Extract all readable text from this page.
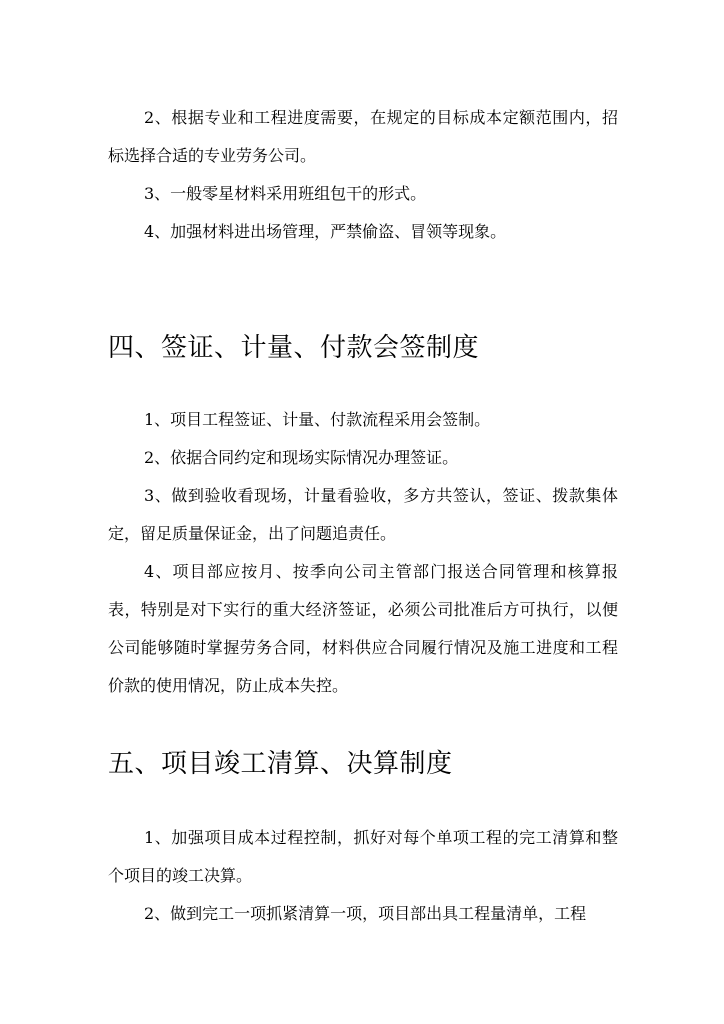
2、根据专业和工程进度需要，在规定的目标成本定额范围内，招标选择合适的专业劳务公司。

3、一般零星材料采用班组包干的形式。

4、加强材料进出场管理，严禁偷盗、冒领等现象。

四、签证、计量、付款会签制度

1、项目工程签证、计量、付款流程采用会签制。

2、依据合同约定和现场实际情况办理签证。

3、做到验收看现场，计量看验收，多方共签认，签证、拨款集体定，留足质量保证金，出了问题追责任。

4、项目部应按月、按季向公司主管部门报送合同管理和核算报表，特别是对下实行的重大经济签证，必须公司批准后方可执行，以便公司能够随时掌握劳务合同，材料供应合同履行情况及施工进度和工程价款的使用情况，防止成本失控。

五、项目竣工清算、决算制度

1、加强项目成本过程控制，抓好对每个单项工程的完工清算和整个项目的竣工决算。

2、做到完工一项抓紧清算一项，项目部出具工程量清单，工程
